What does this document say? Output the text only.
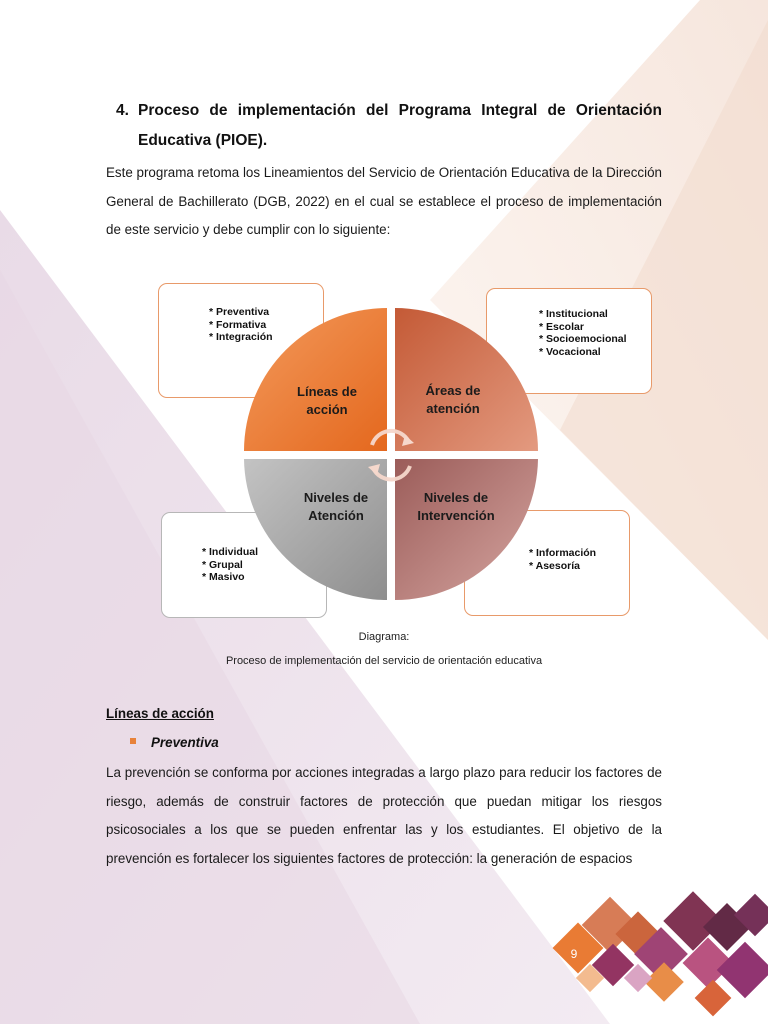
4. Proceso de implementación del Programa Integral de Orientación
Educativa (PIOE).

Este programa retoma los Lineamientos del Servicio de Orientación Educativa de la Dirección General de Bachillerato (DGB, 2022) en el cual se establece el proceso de implementación de este servicio y debe cumplir con lo siguiente:

* Preventiva
* Formativa
* Integración
* Institucional
* Escolar
* Socioemocional
* Vocacional
* Individual
* Grupal
* Masivo
* Información
* Asesoría
Líneas de acción
Áreas de atención
Niveles de Atención
Niveles de Intervención
Diagrama:
Proceso de implementación del servicio de orientación educativa
Líneas de acción
Preventiva

La prevención se conforma por acciones integradas a largo plazo para reducir los factores de riesgo, además de construir factores de protección que puedan mitigar los riesgos psicosociales a los que se pueden enfrentar las y los estudiantes. El objetivo de la prevención es fortalecer los siguientes factores de protección: la generación de espacios

9
